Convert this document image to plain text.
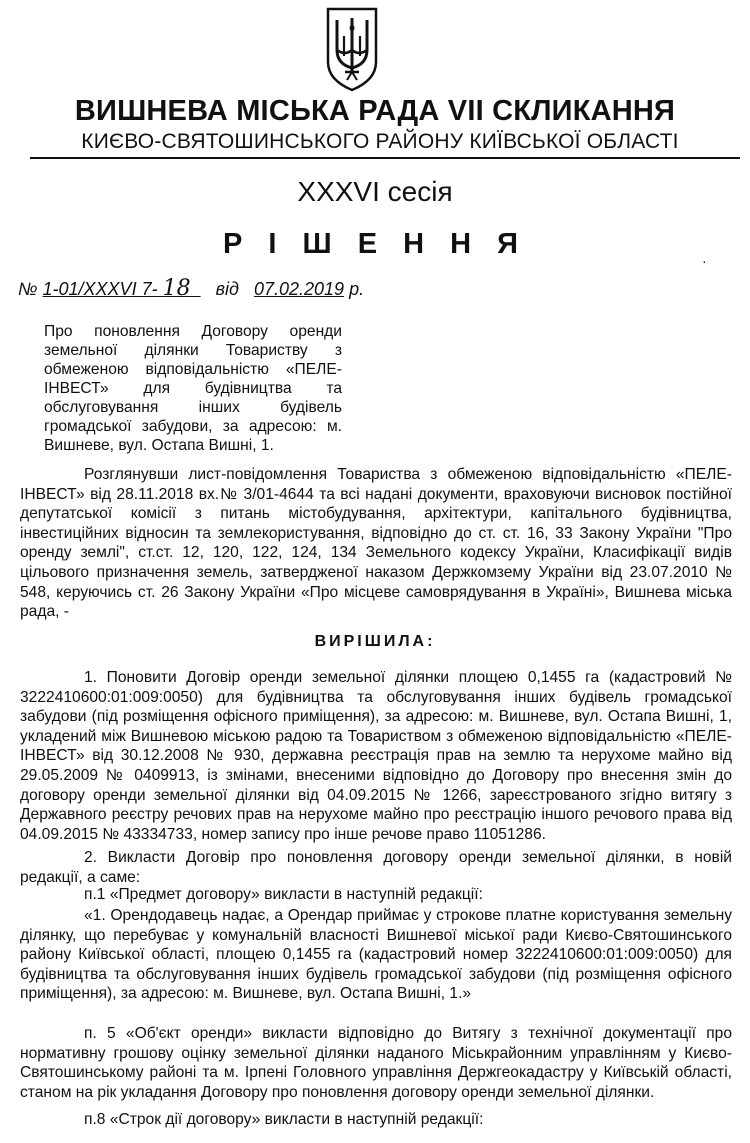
ВИШНЕВА МІСЬКА РАДА VII СКЛИКАННЯ
КИЄВО-СВЯТОШИНСЬКОГО РАЙОНУ КИЇВСЬКОЇ ОБЛАСТІ
XXXVI сесія
Р І Ш Е Н Н Я
·
№ 1-01/XXXVI 7- 18 від 07.02.2019 р.
Про поновлення Договору оренди земельної ділянки Товариству з обмеженою відповідальністю «ПЕЛЕ-ІНВЕСТ» для будівництва та обслуговування інших будівель громадської забудови, за адресою: м. Вишневе, вул. Остапа Вишні, 1.
Розглянувши лист-повідомлення Товариства з обмеженою відповідальністю «ПЕЛЕ-ІНВЕСТ» від 28.11.2018 вх.№ 3/01-4644 та всі надані документи, враховуючи висновок постійної депутатської комісії з питань містобудування, архітектури, капітального будівництва, інвестиційних відносин та землекористування, відповідно до ст. ст. 16, 33 Закону України "Про оренду землі", ст.ст. 12, 120, 122, 124, 134 Земельного кодексу України, Класифікації видів цільового призначення земель, затвердженої наказом Держкомзему України від 23.07.2010 № 548, керуючись ст. 26 Закону України «Про місцеве самоврядування в Україні», Вишнева міська рада, -
ВИРІШИЛА:
1. Поновити Договір оренди земельної ділянки площею 0,1455 га (кадастровий № 3222410600:01:009:0050) для будівництва та обслуговування інших будівель громадської забудови (під розміщення офісного приміщення), за адресою: м. Вишневе, вул. Остапа Вишні, 1, укладений між Вишневою міською радою та Товариством з обмеженою відповідальністю «ПЕЛЕ-ІНВЕСТ» від 30.12.2008 № 930, державна реєстрація прав на землю та нерухоме майно від 29.05.2009 № 0409913, із змінами, внесеними відповідно до Договору про внесення змін до договору оренди земельної ділянки від 04.09.2015 № 1266, зареєстрованого згідно витягу з Державного реєстру речових прав на нерухоме майно про реєстрацію іншого речового права від 04.09.2015 № 43334733, номер запису про інше речове право 11051286.
2. Викласти Договір про поновлення договору оренди земельної ділянки, в новій редакції, а саме:
п.1 «Предмет договору» викласти в наступній редакції:
«1. Орендодавець надає, а Орендар приймає у строкове платне користування земельну ділянку, що перебуває у комунальній власності Вишневої міської ради Києво-Святошинського району Київської області, площею 0,1455 га (кадастровий номер 3222410600:01:009:0050) для будівництва та обслуговування інших будівель громадської забудови (під розміщення офісного приміщення), за адресою: м. Вишневе, вул. Остапа Вишні, 1.»
п. 5 «Об'єкт оренди» викласти відповідно до Витягу з технічної документації про нормативну грошову оцінку земельної ділянки наданого Міськрайонним управлінням у Києво-Святошинському районі та м. Ірпені Головного управління Держгеокадастру у Київській області, станом на рік укладання Договору про поновлення договору оренди земельної ділянки.
п.8 «Строк дії договору» викласти в наступній редакції:
